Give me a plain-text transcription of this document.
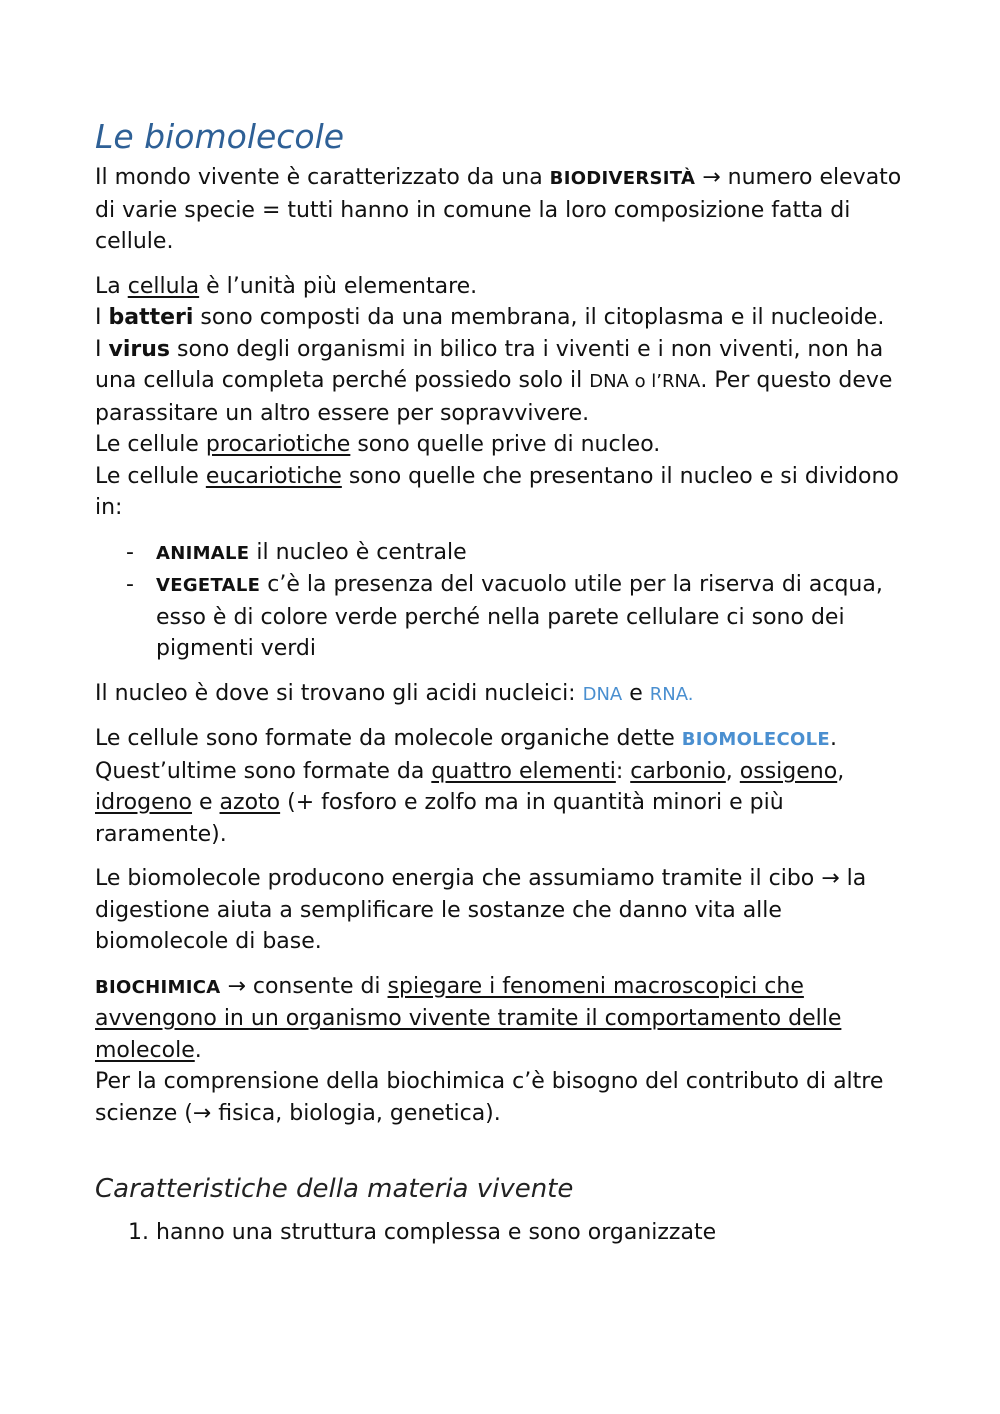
Le biomolecole

Il mondo vivente è caratterizzato da una BIODIVERSITÀ → numero elevato di varie specie = tutti hanno in comune la loro composizione fatta di cellule.

La cellula è l’unità più elementare.
I batteri sono composti da una membrana, il citoplasma e il nucleoide.
I virus sono degli organismi in bilico tra i viventi e i non viventi, non ha una cellula completa perché possiedo solo il DNA o l’RNA. Per questo deve parassitare un altro essere per sopravvivere.
Le cellule procariotiche sono quelle prive di nucleo.
Le cellule eucariotiche sono quelle che presentano il nucleo e si dividono in:

- ANIMALE il nucleo è centrale
- VEGETALE c’è la presenza del vacuolo utile per la riserva di acqua, esso è di colore verde perché nella parete cellulare ci sono dei pigmenti verdi

Il nucleo è dove si trovano gli acidi nucleici: DNA e RNA.

Le cellule sono formate da molecole organiche dette BIOMOLECOLE. Quest’ultime sono formate da quattro elementi: carbonio, ossigeno, idrogeno e azoto (+ fosforo e zolfo ma in quantità minori e più raramente).

Le biomolecole producono energia che assumiamo tramite il cibo → la digestione aiuta a semplificare le sostanze che danno vita alle biomolecole di base.

BIOCHIMICA → consente di spiegare i fenomeni macroscopici che avvengono in un organismo vivente tramite il comportamento delle molecole.
Per la comprensione della biochimica c’è bisogno del contributo di altre scienze (→ fisica, biologia, genetica).

Caratteristiche della materia vivente
1. hanno una struttura complessa e sono organizzate
